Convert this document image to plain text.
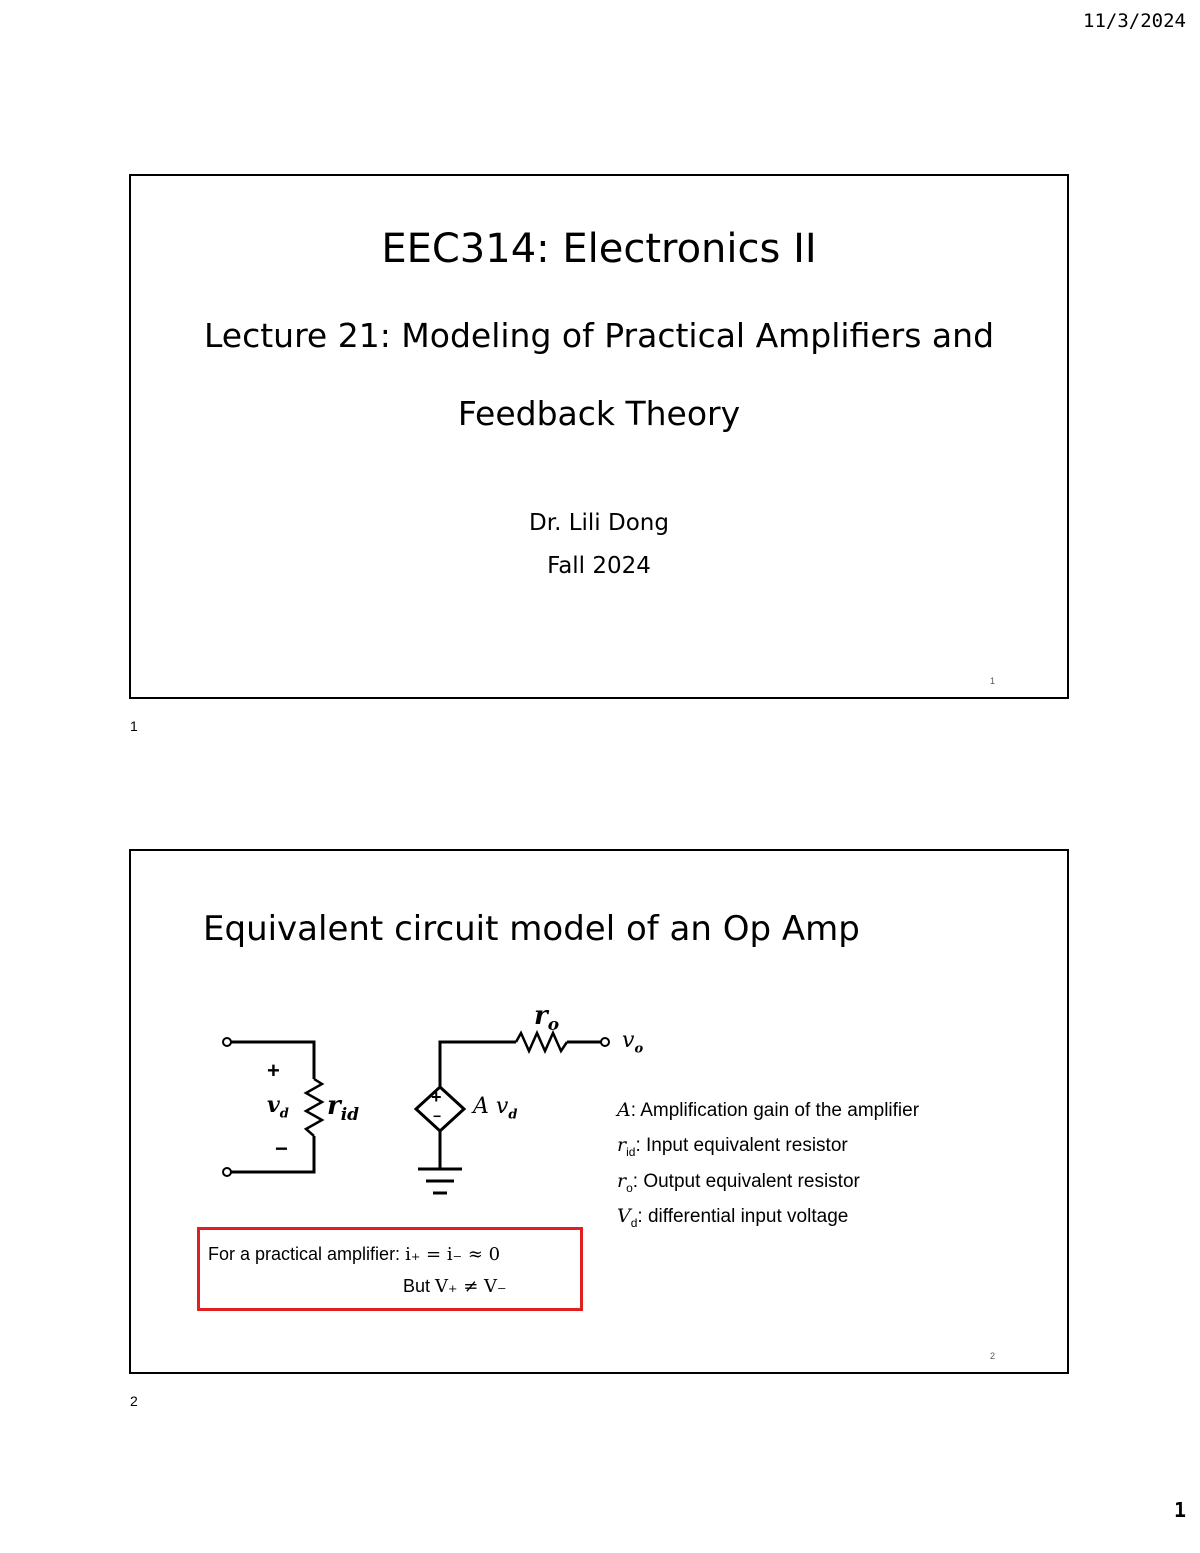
11/3/2024
EEC314: Electronics II
Lecture 21: Modeling of Practical Amplifiers and
Feedback Theory
Dr. Lili Dong
Fall 2024
1
1
Equivalent circuit model of an Op Amp
+
$v_d$
−
$r_{id}$
$r_o$
$v_o$
+
− A $v_d$	A: Amplification gain of the amplifier
$r_{id}$: Input equivalent resistor
$r_o$: Output equivalent resistor
$V_d$: differential input voltage
For a practical amplifier: i₊ = i₋ ≈ 0
But V₊ ≠ V₋
2
2
1
